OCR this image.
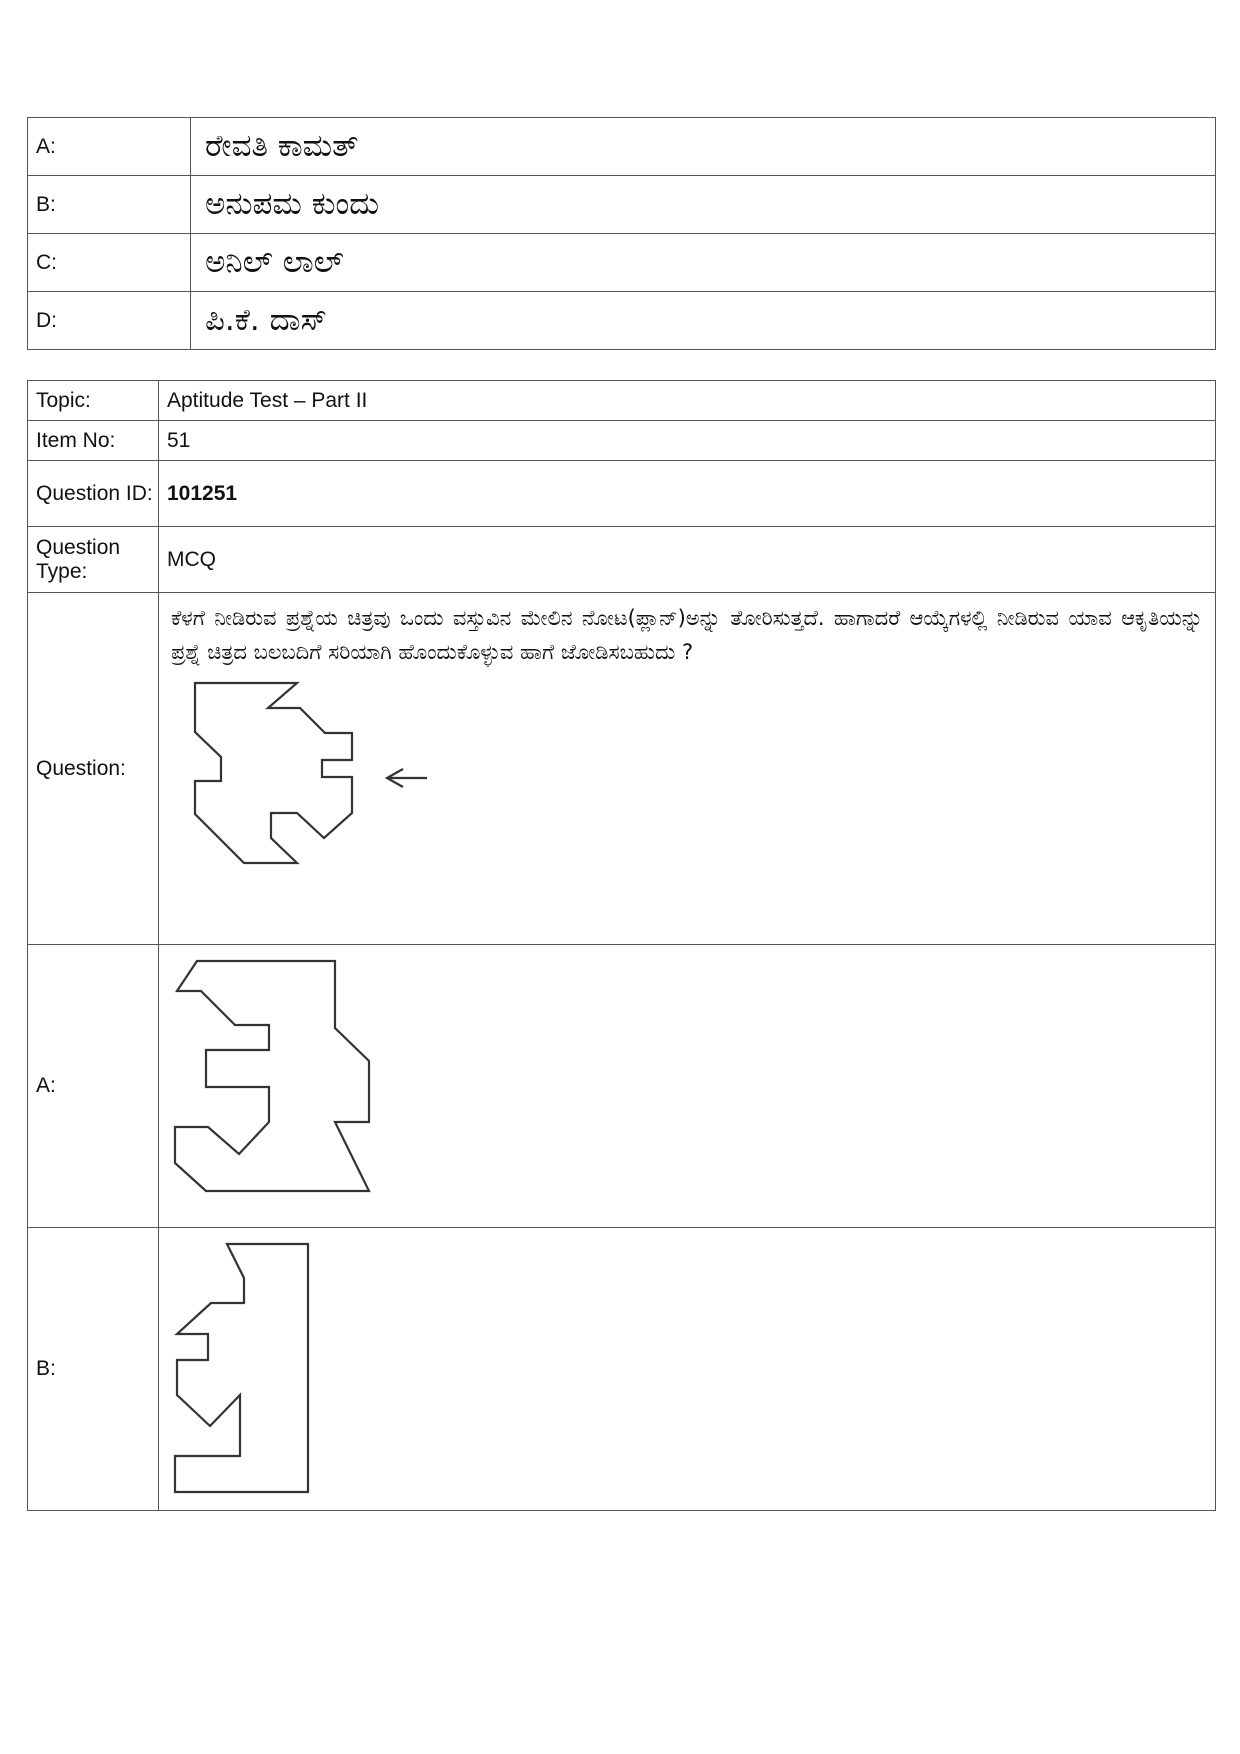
A:	ರೇವತಿ ಕಾಮತ್
B:	ಅನುಪಮ ಕುಂದು
C:	ಅನಿಲ್ ಲಾಲ್
D:	ಪಿ.ಕೆ. ದಾಸ್
Topic:	Aptitude Test – Part II
Item No:	51
Question ID:	101251
Question Type:	MCQ
Question:	ಕೆಳಗೆ ನೀಡಿರುವ ಪ್ರಶ್ನೆಯ ಚಿತ್ರವು ಒಂದು ವಸ್ತುವಿನ ಮೇಲಿನ ನೋಟ(ಪ್ಲಾನ್)ಅನ್ನು ತೋರಿಸುತ್ತದೆ. ಹಾಗಾದರೆ ಆಯ್ಕೆಗಳಲ್ಲಿ ನೀಡಿರುವ ಯಾವ ಆಕೃತಿಯನ್ನು ಪ್ರಶ್ನೆ ಚಿತ್ರದ ಬಲಬದಿಗೆ ಸರಿಯಾಗಿ ಹೊಂದುಕೊಳ್ಳುವ ಹಾಗೆ ಜೋಡಿಸಬಹುದು ?

A:	

B:	
